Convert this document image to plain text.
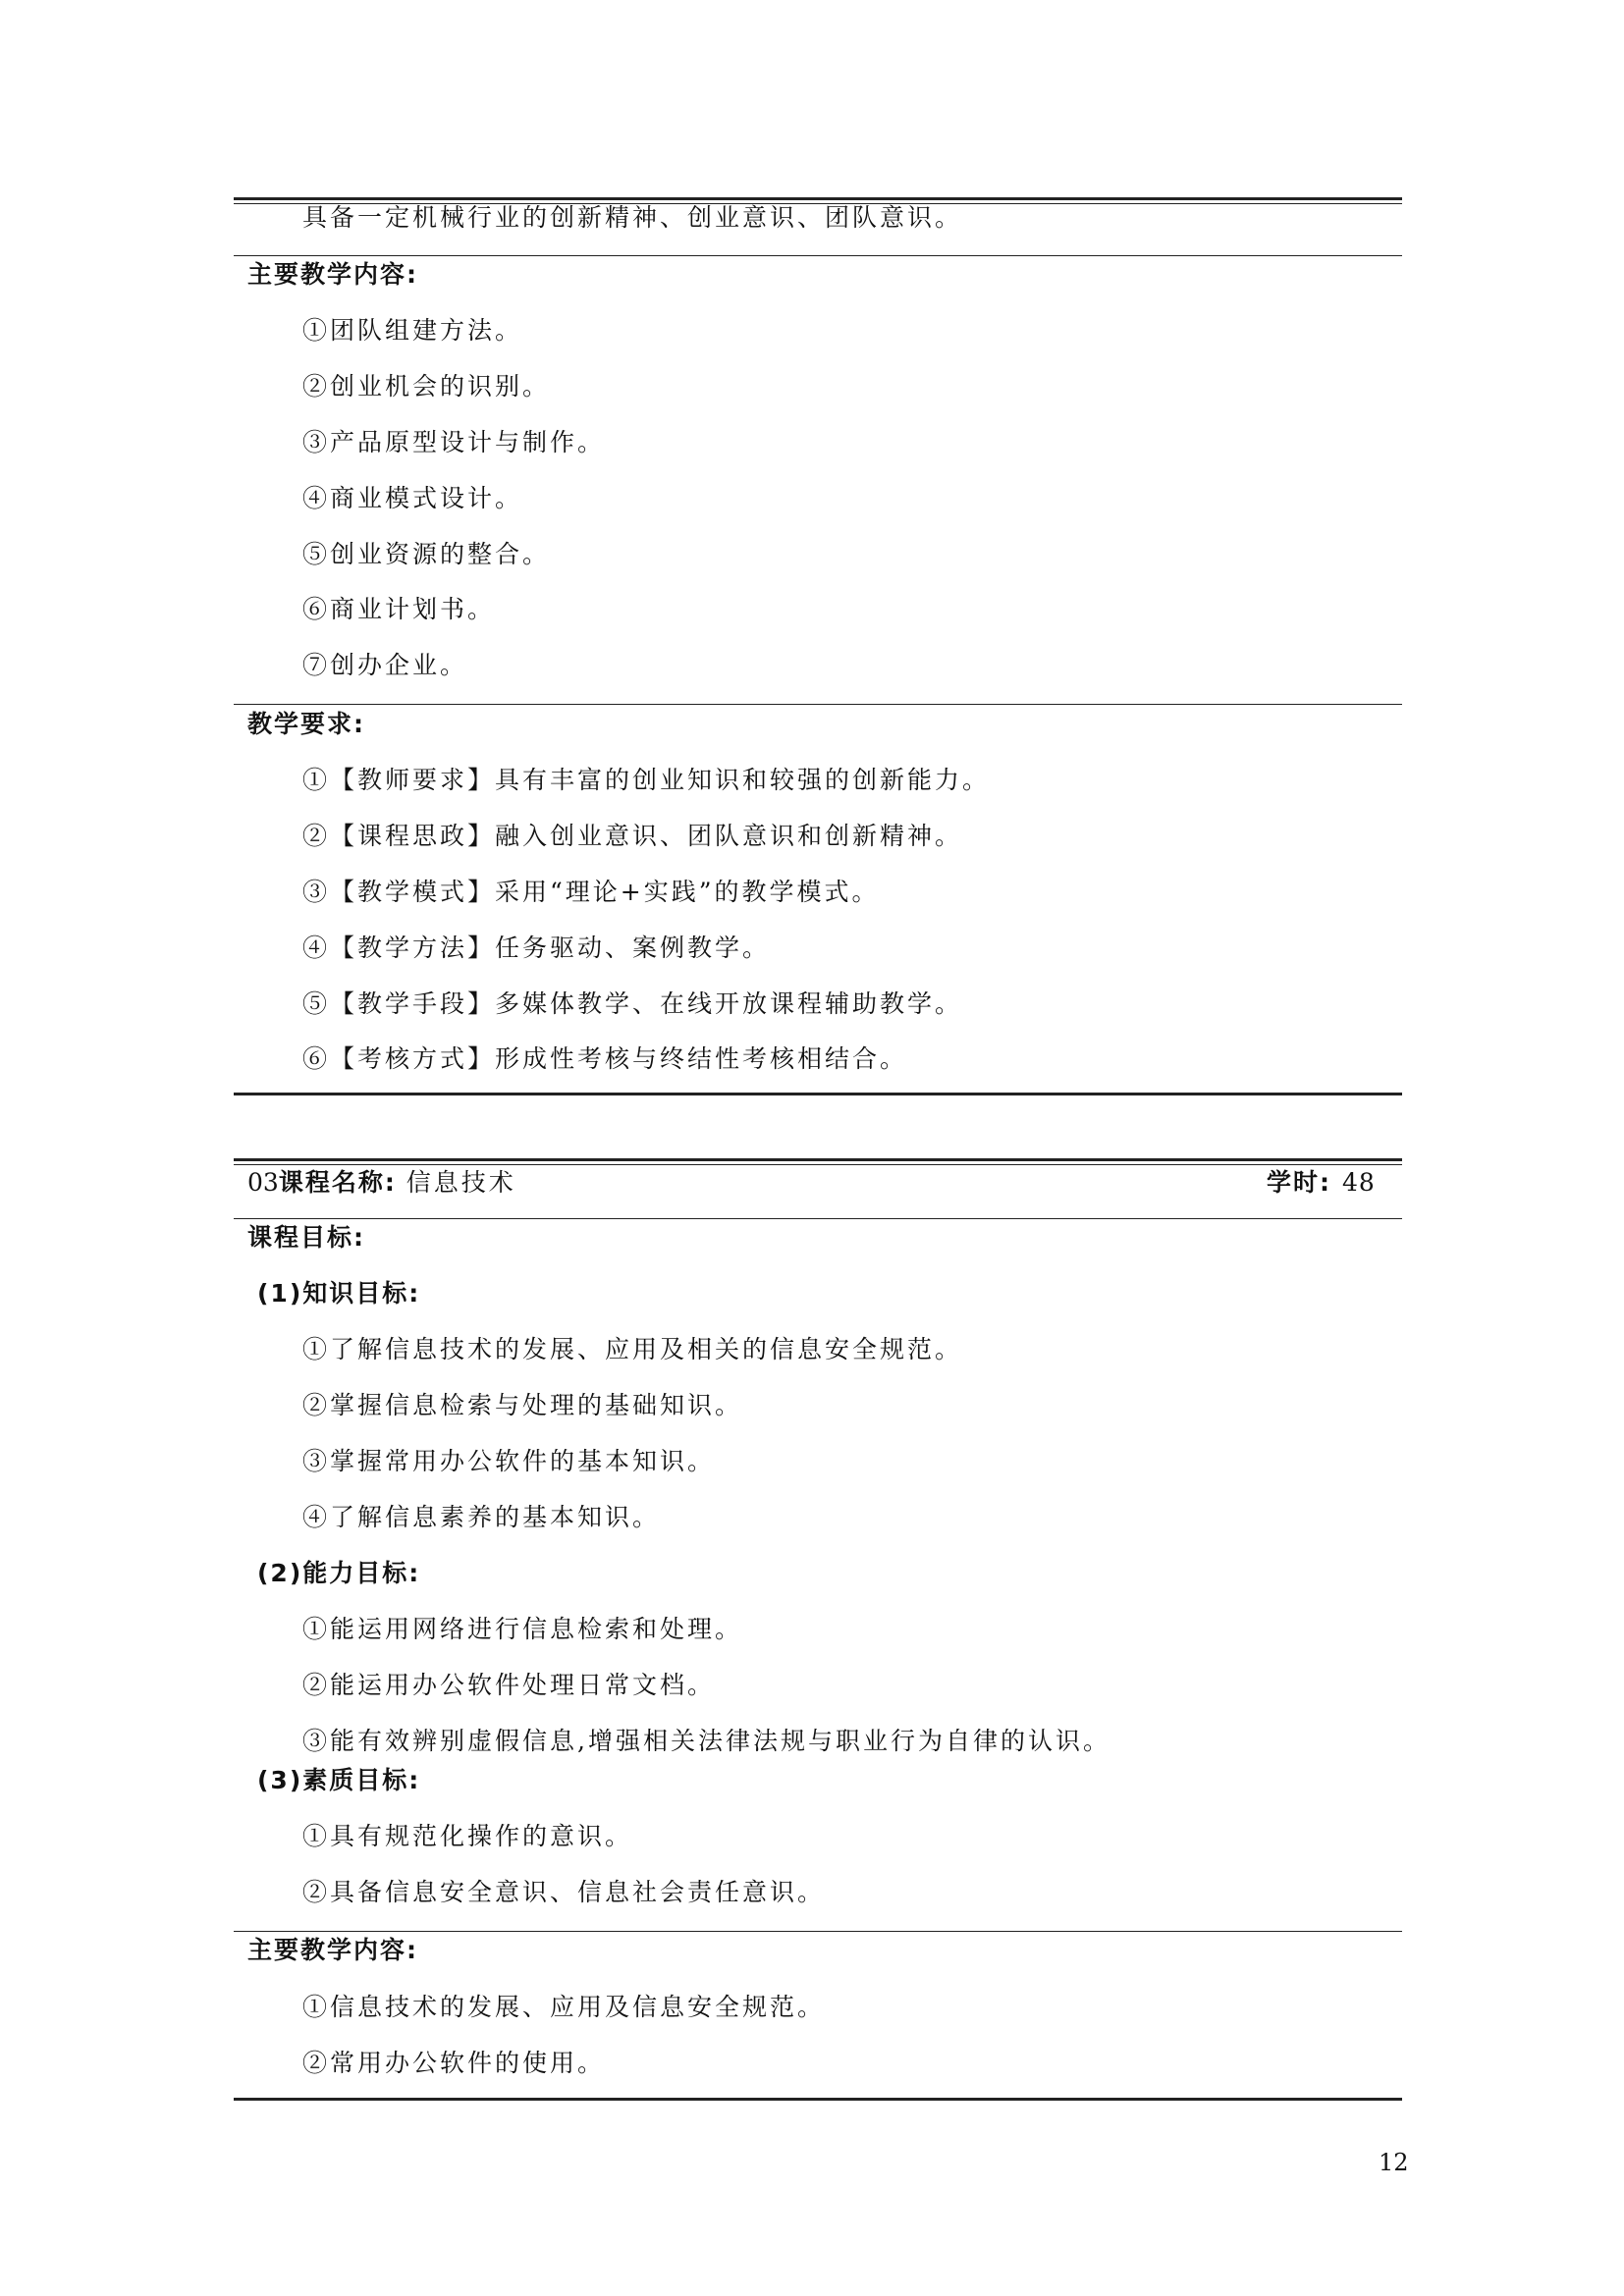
具备一定机械行业的创新精神、创业意识、团队意识。
主要教学内容:
①团队组建方法。
②创业机会的识别。
③产品原型设计与制作。
④商业模式设计。
⑤创业资源的整合。
⑥商业计划书。
⑦创办企业。
教学要求:
①【教师要求】具有丰富的创业知识和较强的创新能力。
②【课程思政】融入创业意识、团队意识和创新精神。
③【教学模式】采用“理论+实践”的教学模式。
④【教学方法】任务驱动、案例教学。
⑤【教学手段】多媒体教学、在线开放课程辅助教学。
⑥【考核方式】形成性考核与终结性考核相结合。
03课程名称: 信息技术	学时: 48
课程目标:
(1)知识目标:
①了解信息技术的发展、应用及相关的信息安全规范。
②掌握信息检索与处理的基础知识。
③掌握常用办公软件的基本知识。
④了解信息素养的基本知识。
(2)能力目标:
①能运用网络进行信息检索和处理。
②能运用办公软件处理日常文档。
③能有效辨别虚假信息,增强相关法律法规与职业行为自律的认识。
(3)素质目标:
①具有规范化操作的意识。
②具备信息安全意识、信息社会责任意识。
主要教学内容:
①信息技术的发展、应用及信息安全规范。
②常用办公软件的使用。
12
